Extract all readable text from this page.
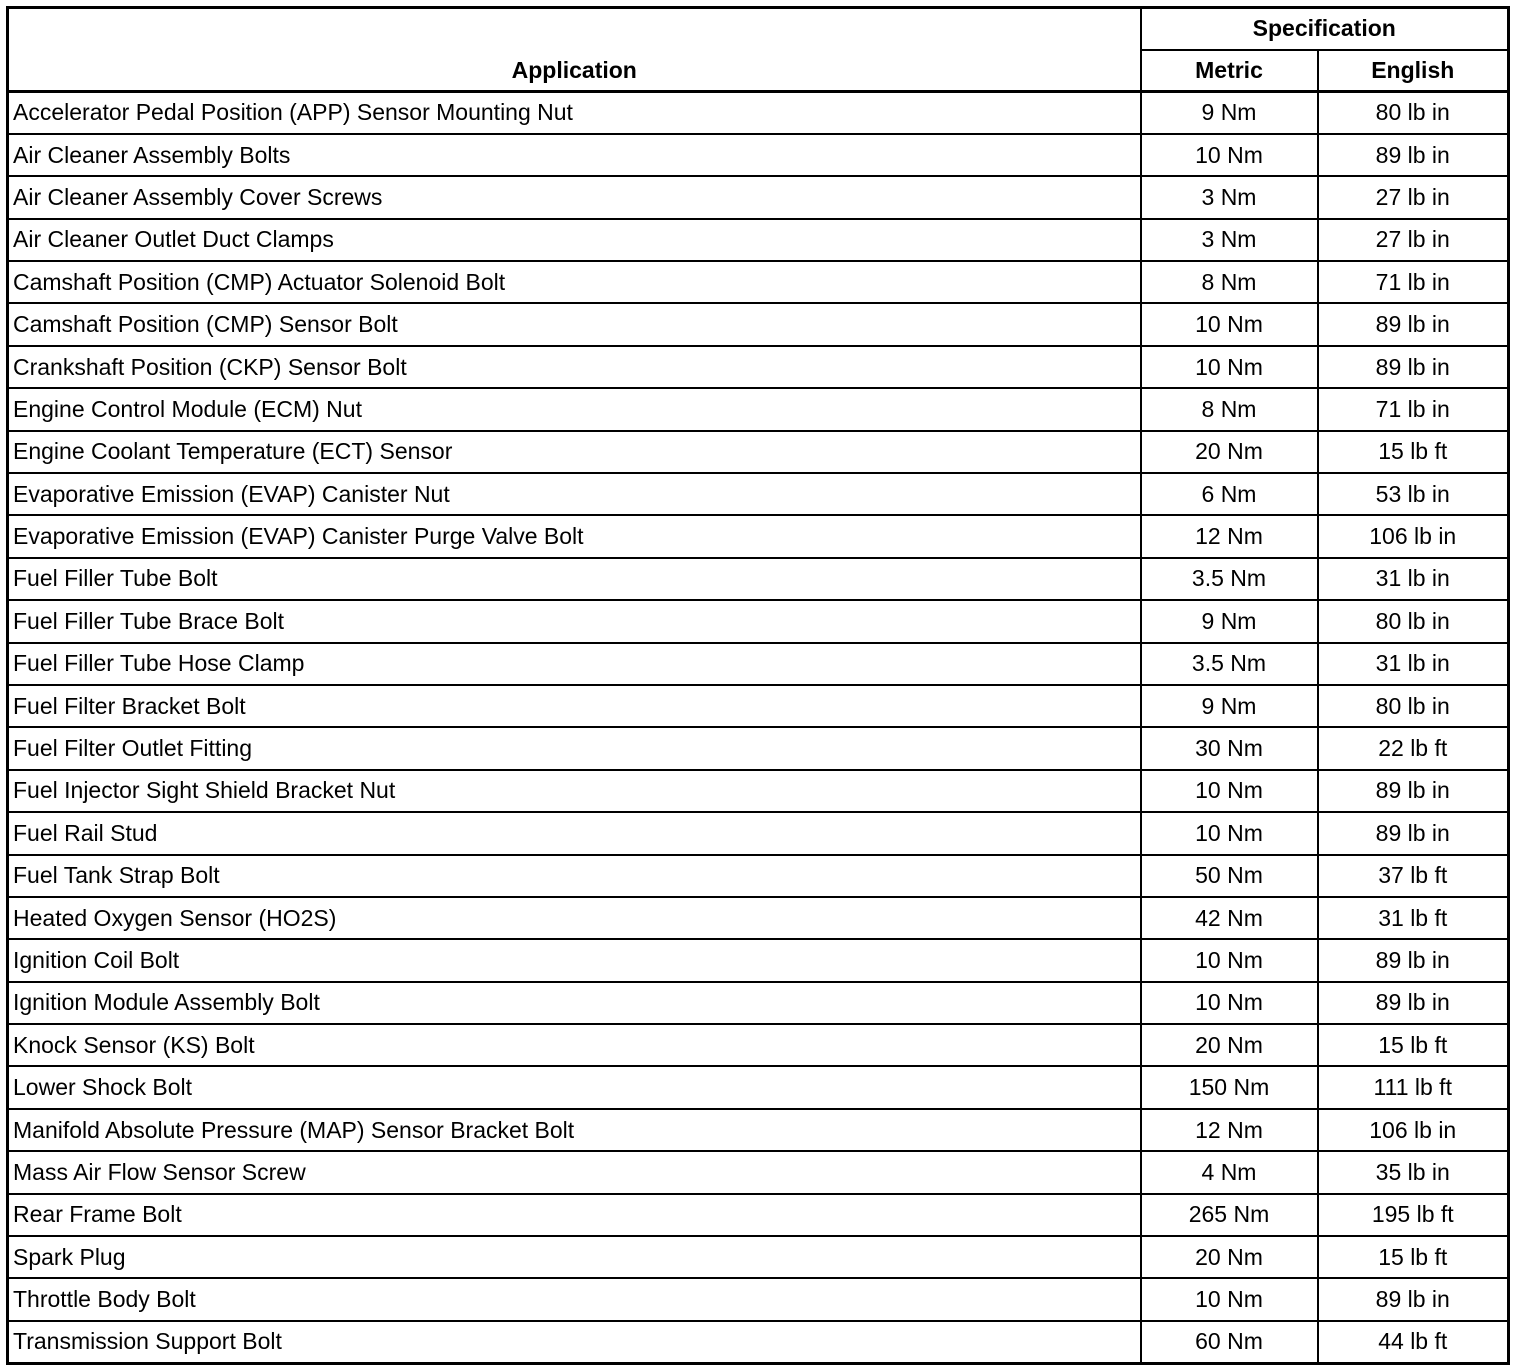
Application	Specification	
	Metric	English
Accelerator Pedal Position (APP) Sensor Mounting Nut	9 Nm	80 lb in
Air Cleaner Assembly Bolts	10 Nm	89 lb in
Air Cleaner Assembly Cover Screws	3 Nm	27 lb in
Air Cleaner Outlet Duct Clamps	3 Nm	27 lb in
Camshaft Position (CMP) Actuator Solenoid Bolt	8 Nm	71 lb in
Camshaft Position (CMP) Sensor Bolt	10 Nm	89 lb in
Crankshaft Position (CKP) Sensor Bolt	10 Nm	89 lb in
Engine Control Module (ECM) Nut	8 Nm	71 lb in
Engine Coolant Temperature (ECT) Sensor	20 Nm	15 lb ft
Evaporative Emission (EVAP) Canister Nut	6 Nm	53 lb in
Evaporative Emission (EVAP) Canister Purge Valve Bolt	12 Nm	106 lb in
Fuel Filler Tube Bolt	3.5 Nm	31 lb in
Fuel Filler Tube Brace Bolt	9 Nm	80 lb in
Fuel Filler Tube Hose Clamp	3.5 Nm	31 lb in
Fuel Filter Bracket Bolt	9 Nm	80 lb in
Fuel Filter Outlet Fitting	30 Nm	22 lb ft
Fuel Injector Sight Shield Bracket Nut	10 Nm	89 lb in
Fuel Rail Stud	10 Nm	89 lb in
Fuel Tank Strap Bolt	50 Nm	37 lb ft
Heated Oxygen Sensor (HO2S)	42 Nm	31 lb ft
Ignition Coil Bolt	10 Nm	89 lb in
Ignition Module Assembly Bolt	10 Nm	89 lb in
Knock Sensor (KS) Bolt	20 Nm	15 lb ft
Lower Shock Bolt	150 Nm	111 lb ft
Manifold Absolute Pressure (MAP) Sensor Bracket Bolt	12 Nm	106 lb in
Mass Air Flow Sensor Screw	4 Nm	35 lb in
Rear Frame Bolt	265 Nm	195 lb ft
Spark Plug	20 Nm	15 lb ft
Throttle Body Bolt	10 Nm	89 lb in
Transmission Support Bolt	60 Nm	44 lb ft
